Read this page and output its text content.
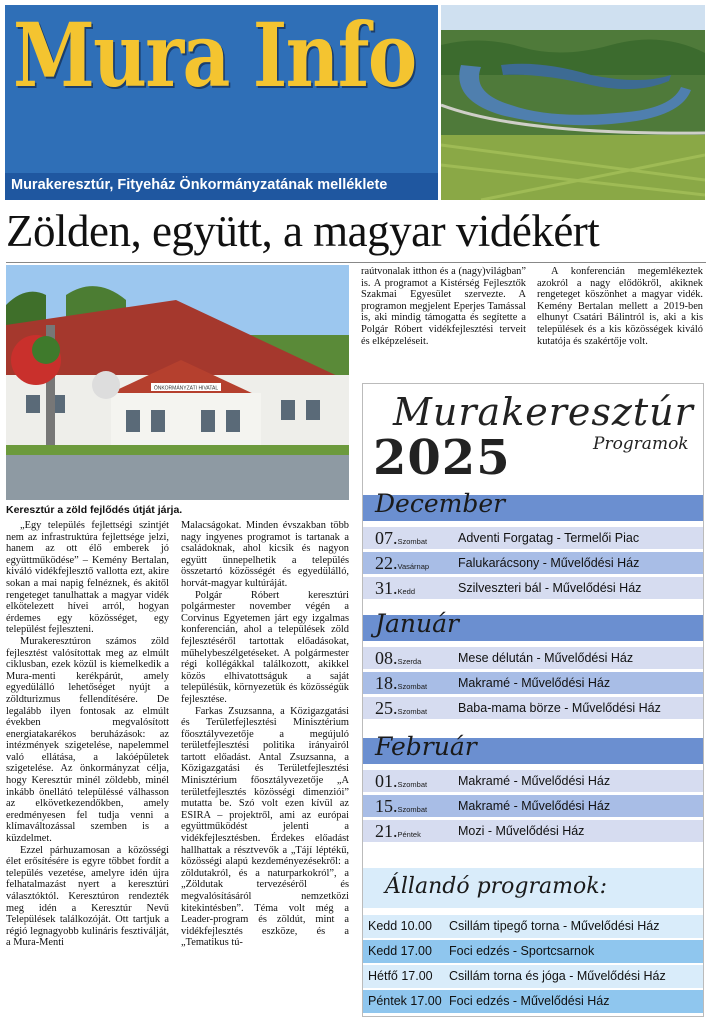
Mura Info
Murakeresztúr, Fityeház Önkormányzatának melléklete
Zölden, együtt, a magyar vidékért
ÖNKORMÁNYZATI HIVATAL
Keresztúr a zöld fejlődés útját járja.

„Egy település fejlettségi szintjét nem az infrastruktúra fejlettsége jelzi, hanem az ott élő emberek jó együttműködése” – Kemény Bertalan, kiváló vidékfejlesztő vallotta ezt, akire sokan a mai napig felnéznek, és akitől rengeteget tanulhattak a magyar vidék elkötelezett hívei arról, hogyan érdemes egy közösséget, egy települést fejleszteni.

Murakeresztúron számos zöld fejlesztést valósítottak meg az elmúlt ciklusban, ezek közül is kiemelkedik a Mura-menti kerékpárút, amely egyedülálló lehetőséget nyújt a zöldturizmus fellendítésére. De legalább ilyen fontosak az elmúlt években megvalósított energiatakarékos beruházások: az intézmények szigetelése, napelemmel való ellátása, a lakóépületek szigetelése. Az önkormányzat célja, hogy Keresztúr minél zöldebb, minél inkább önellátó településsé válhasson az elkövetkezendőkben, amely eredményesen fel tudja venni a klímaváltozással szemben is a küzdelmet.

Ezzel párhuzamosan a közösségi élet erősítésére is egyre többet fordít a település vezetése, amelyre idén újra felhatalmazást nyert a keresztúri választóktól. Keresztúron rendezték meg idén a Keresztúr Nevű Települések találkozóját. Ott tartjuk a régió legnagyobb kulináris fesztiválját, a Mura-Menti

Malacságokat. Minden évszakban több nagy ingyenes programot is tartanak a családoknak, ahol kicsik és nagyon együtt ünnepelhetik a település összetartó közösségét és egyedülálló, horvát-magyar kultúráját.

Polgár Róbert keresztúri polgármester november végén a Corvinus Egyetemen járt egy izgalmas konferencián, ahol a települések zöld fejlesztéséről tartottak előadásokat, műhelybeszélgetéseket. A polgármester régi kollégákkal találkozott, akikkel közös elhivatottságuk a saját településük, környezetük és közösségük fejlesztése.

Farkas Zsuzsanna, a Közigazgatási és Területfejlesztési Minisztérium főosztályvezetője a megújuló területfejlesztési politika irányairól tartott előadást. Antal Zsuzsanna, a Közigazgatási és Területfejlesztési Minisztérium főosztályvezetője „A területfejlesztés közösségi dimenziói” mutatta be. Szó volt ezen kívül az ESIRA – projektről, ami az európai együttműködést jelenti a vidékfejlesztésben. Érdekes előadást hallhattak a résztvevők a „Tájí léptékű, közösségi alapú kezdeményezésekről: a zöldutakról, és a naturparkokról”, a „Zöldutak tervezéséről és megvalósításáról nemzetközi kitekintésben”. Téma volt még a Leader-program és zöldút, mint a vidékfejlesztés eszköze, és a „Tematikus tú-

raútvonalak itthon és a (nagy)világban” is. A programot a Kistérség Fejlesztők Szakmai Egyesület szervezte. A programon megjelent Eperjes Tamással is, aki mindig támogatta és segítette a Polgár Róbert vidékfejlesztési terveit és elképzeléseit.

A konferencián megemlékeztek azokról a nagy elődökről, akiknek rengeteget köszönhet a magyar vidék. Kemény Bertalan mellett a 2019-ben elhunyt Csatári Bálintról is, aki a kis települések és a kis közösségek kiváló kutatója és szakértője volt.

Murakeresztúr
2025	Programok
December
07.Szombat Adventi Forgatag - Termelői Piac
22.Vasárnap Falukarácsony - Művelődési Ház
31.Kedd	Szilveszteri bál - Művelődési Ház
Január
08.Szerda	Mese délután - Művelődési Ház
18.Szombat Makramé - Művelődési Ház
25.Szombat Baba-mama börze - Művelődési Ház
Február
01.Szombat Makramé - Művelődési Ház
15.Szombat Makramé - Művelődési Ház
21.Péntek	Mozi - Művelődési Ház
Állandó programok:
Kedd 10.00 Csillám tipegő torna - Művelődési Ház
Kedd 17.00 Foci edzés - Sportcsarnok
Hétfő 17.00 Csillám torna és jóga - Művelődési Ház
Péntek 17.00 Foci edzés - Művelődési Ház
